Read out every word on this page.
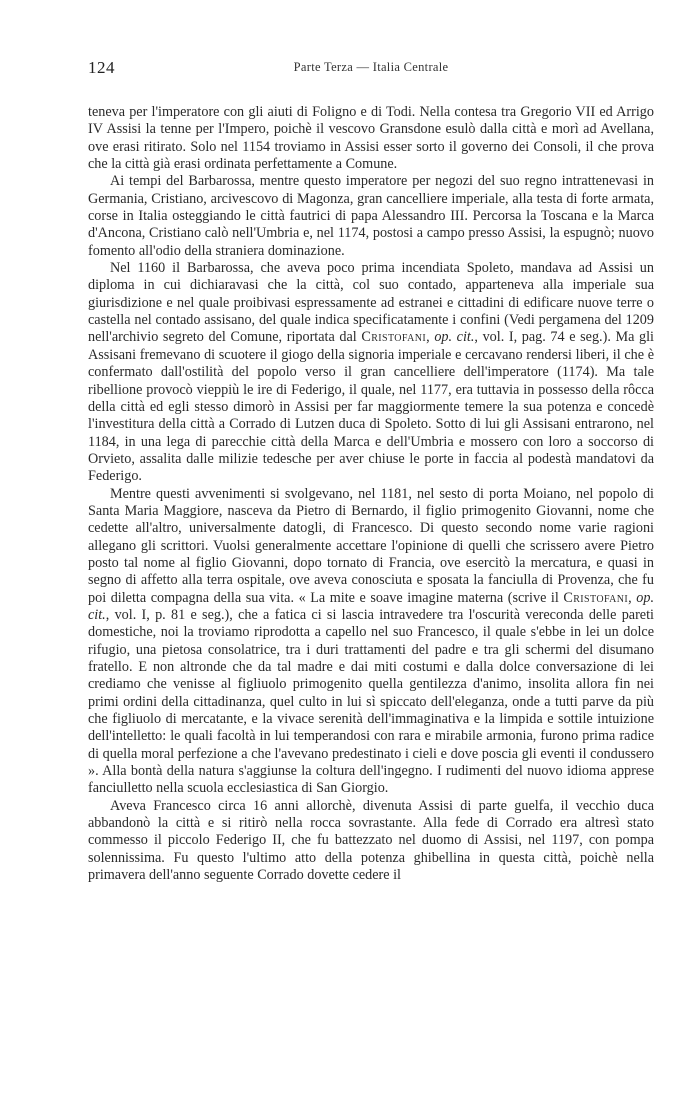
124	Parte Terza — Italia Centrale

teneva per l'imperatore con gli aiuti di Foligno e di Todi. Nella contesa tra Gregorio VII ed Arrigo IV Assisi la tenne per l'Impero, poichè il vescovo Gransdone esulò dalla città e morì ad Avellana, ove erasi ritirato. Solo nel 1154 troviamo in Assisi esser sorto il governo dei Consoli, il che prova che la città già erasi ordinata perfettamente a Comune.

Ai tempi del Barbarossa, mentre questo imperatore per negozi del suo regno intrattenevasi in Germania, Cristiano, arcivescovo di Magonza, gran cancelliere imperiale, alla testa di forte armata, corse in Italia osteggiando le città fautrici di papa Alessandro III. Percorsa la Toscana e la Marca d'Ancona, Cristiano calò nell'Umbria e, nel 1174, postosi a campo presso Assisi, la espugnò; nuovo fomento all'odio della straniera dominazione.

Nel 1160 il Barbarossa, che aveva poco prima incendiata Spoleto, mandava ad Assisi un diploma in cui dichiaravasi che la città, col suo contado, apparteneva alla imperiale sua giurisdizione e nel quale proibivasi espressamente ad estranei e cittadini di edificare nuove terre o castella nel contado assisano, del quale indica specificatamente i confini (Vedi pergamena del 1209 nell'archivio segreto del Comune, riportata dal Cristofani, op. cit., vol. I, pag. 74 e seg.). Ma gli Assisani fremevano di scuotere il giogo della signoria imperiale e cercavano rendersi liberi, il che è confermato dall'ostilità del popolo verso il gran cancelliere dell'imperatore (1174). Ma tale ribellione provocò vieppiù le ire di Federigo, il quale, nel 1177, era tuttavia in possesso della rôcca della città ed egli stesso dimorò in Assisi per far maggiormente temere la sua potenza e concedè l'investitura della città a Corrado di Lutzen duca di Spoleto. Sotto di lui gli Assisani entrarono, nel 1184, in una lega di parecchie città della Marca e dell'Umbria e mossero con loro a soccorso di Orvieto, assalita dalle milizie tedesche per aver chiuse le porte in faccia al podestà mandatovi da Federigo.

Mentre questi avvenimenti si svolgevano, nel 1181, nel sesto di porta Moiano, nel popolo di Santa Maria Maggiore, nasceva da Pietro di Bernardo, il figlio primogenito Giovanni, nome che cedette all'altro, universalmente datogli, di Francesco. Di questo secondo nome varie ragioni allegano gli scrittori. Vuolsi generalmente accettare l'opinione di quelli che scrissero avere Pietro posto tal nome al figlio Giovanni, dopo tornato di Francia, ove esercitò la mercatura, e quasi in segno di affetto alla terra ospitale, ove aveva conosciuta e sposata la fanciulla di Provenza, che fu poi diletta compagna della sua vita. « La mite e soave imagine materna (scrive il Cristofani, op. cit., vol. I, p. 81 e seg.), che a fatica ci si lascia intravedere tra l'oscurità vereconda delle pareti domestiche, noi la troviamo riprodotta a capello nel suo Francesco, il quale s'ebbe in lei un dolce rifugio, una pietosa consolatrice, tra i duri trattamenti del padre e tra gli schermi del disumano fratello. E non altronde che da tal madre e dai miti costumi e dalla dolce conversazione di lei crediamo che venisse al figliuolo primogenito quella gentilezza d'animo, insolita allora fin nei primi ordini della cittadinanza, quel culto in lui sì spiccato dell'eleganza, onde a tutti parve da più che figliuolo di mercatante, e la vivace serenità dell'immaginativa e la limpida e sottile intuizione dell'intelletto: le quali facoltà in lui temperandosi con rara e mirabile armonia, furono prima radice di quella moral perfezione a che l'avevano predestinato i cieli e dove poscia gli eventi il condussero ». Alla bontà della natura s'aggiunse la coltura dell'ingegno. I rudimenti del nuovo idioma apprese fanciulletto nella scuola ecclesiastica di San Giorgio.

Aveva Francesco circa 16 anni allorchè, divenuta Assisi di parte guelfa, il vecchio duca abbandonò la città e si ritirò nella rocca sovrastante. Alla fede di Corrado era altresì stato commesso il piccolo Federigo II, che fu battezzato nel duomo di Assisi, nel 1197, con pompa solennissima. Fu questo l'ultimo atto della potenza ghibellina in questa città, poichè nella primavera dell'anno seguente Corrado dovette cedere il
